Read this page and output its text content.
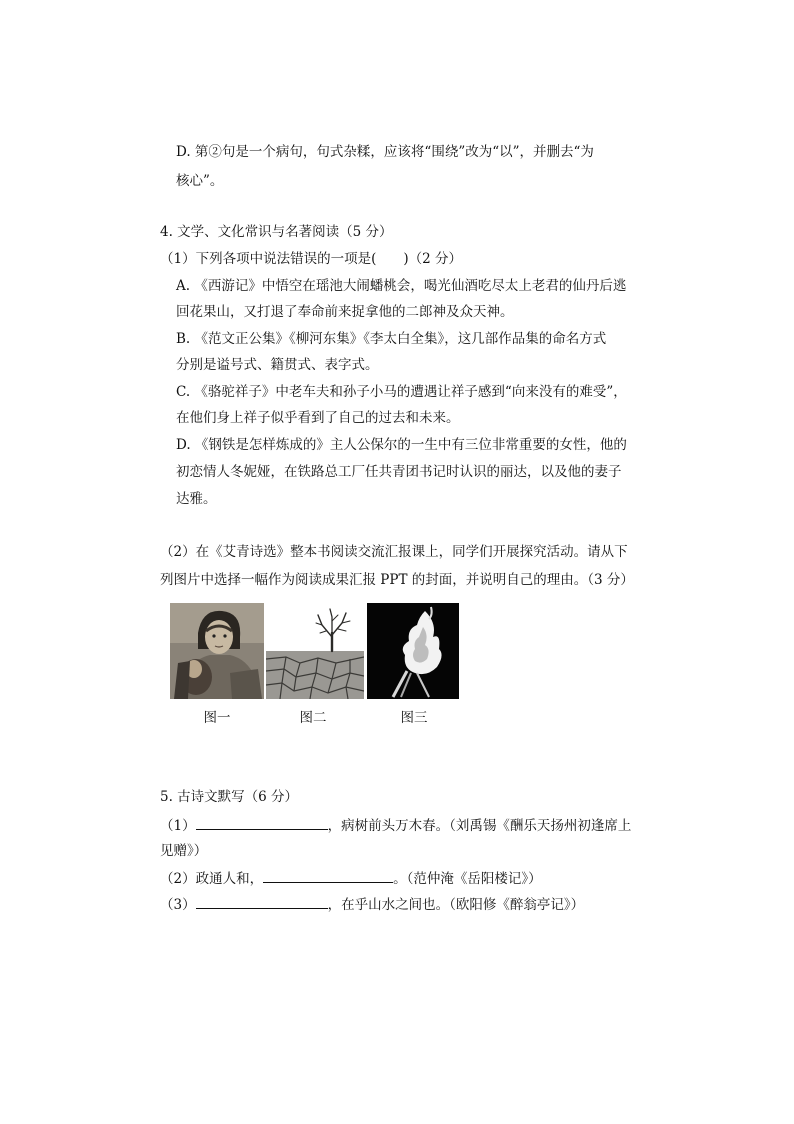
D. 第②句是一个病句，句式杂糅，应该将“围绕”改为“以”，并删去“为
核心”。
4. 文学、文化常识与名著阅读（5 分）
（1）下列各项中说法错误的一项是(　　)（2 分）
A. 《西游记》中悟空在瑶池大闹蟠桃会，喝光仙酒吃尽太上老君的仙丹后逃
回花果山，又打退了奉命前来捉拿他的二郎神及众天神。
B. 《范文正公集》《柳河东集》《李太白全集》，这几部作品集的命名方式
分别是谥号式、籍贯式、表字式。
C. 《骆驼祥子》中老车夫和孙子小马的遭遇让祥子感到“向来没有的难受”，
在他们身上祥子似乎看到了自己的过去和未来。
D. 《钢铁是怎样炼成的》主人公保尔的一生中有三位非常重要的女性，他的
初恋情人冬妮娅，在铁路总工厂任共青团书记时认识的丽达，以及他的妻子
达雅。
（2）在《艾青诗选》整本书阅读交流汇报课上，同学们开展探究活动。请从下
列图片中选择一幅作为阅读成果汇报 PPT 的封面，并说明自己的理由。（3 分）
图一	图二	图三
5. 古诗文默写（6 分）
（1）	，病树前头万木春。（刘禹锡《酬乐天扬州初逢席上
见赠》）
（2）政通人和，	。（范仲淹《岳阳楼记》）
（3）	，在乎山水之间也。（欧阳修《醉翁亭记》）
